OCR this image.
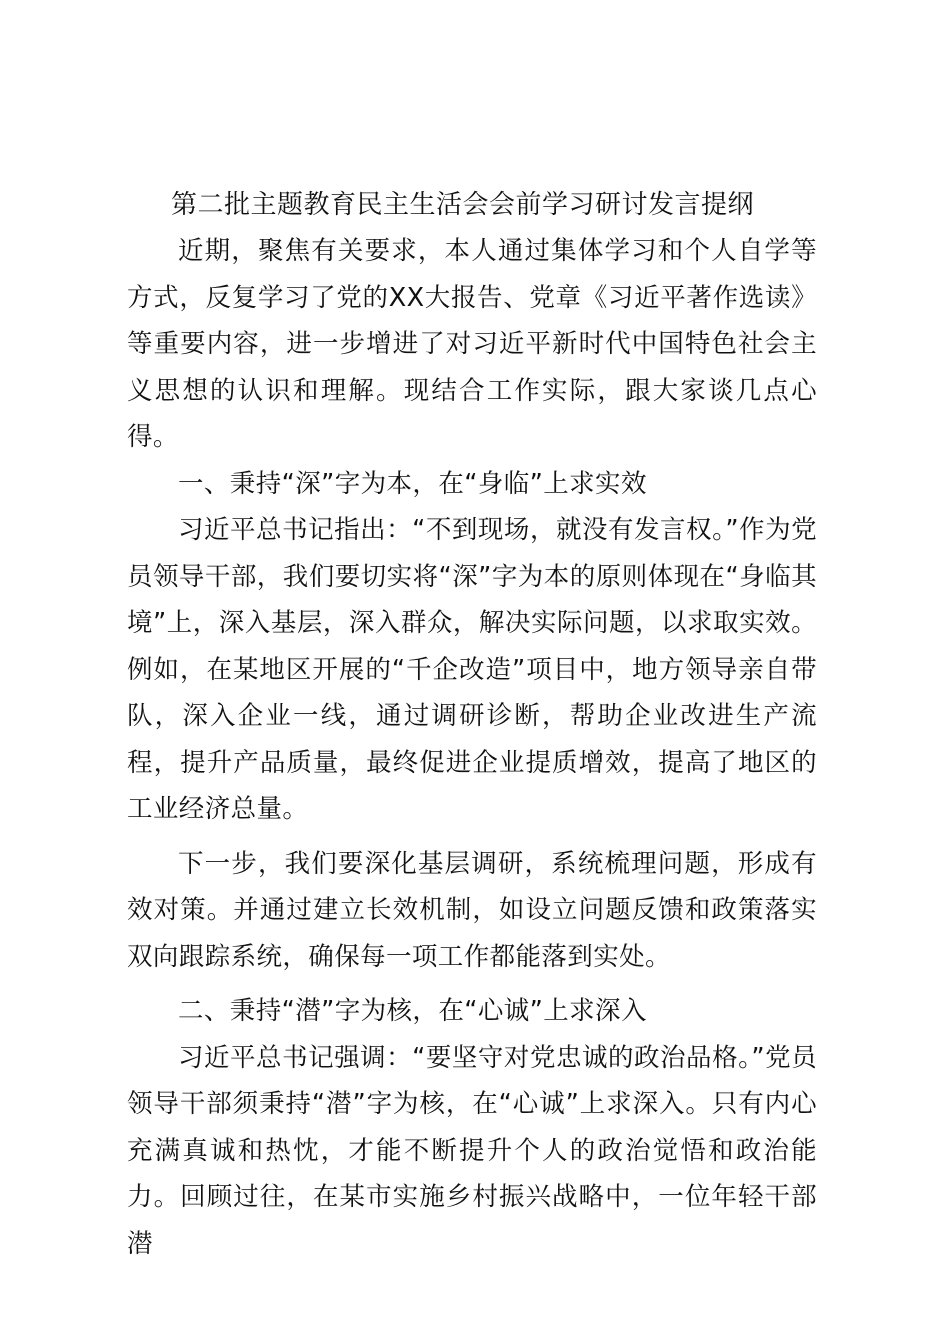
第二批主题教育民主生活会会前学习研讨发言提纲

近期，聚焦有关要求，本人通过集体学习和个人自学等方式，反复学习了党的XX大报告、党章《习近平著作选读》等重要内容，进一步增进了对习近平新时代中国特色社会主义思想的认识和理解。现结合工作实际，跟大家谈几点心得。

一、秉持“深”字为本，在“身临”上求实效

习近平总书记指出：“不到现场，就没有发言权。”作为党员领导干部，我们要切实将“深”字为本的原则体现在“身临其境”上，深入基层，深入群众，解决实际问题，以求取实效。例如，在某地区开展的“千企改造”项目中，地方领导亲自带队，深入企业一线，通过调研诊断，帮助企业改进生产流程，提升产品质量，最终促进企业提质增效，提高了地区的工业经济总量。

下一步，我们要深化基层调研，系统梳理问题，形成有效对策。并通过建立长效机制，如设立问题反馈和政策落实双向跟踪系统，确保每一项工作都能落到实处。

二、秉持“潜”字为核，在“心诚”上求深入

习近平总书记强调：“要坚守对党忠诚的政治品格。”党员领导干部须秉持“潜”字为核，在“心诚”上求深入。只有内心充满真诚和热忱，才能不断提升个人的政治觉悟和政治能力。回顾过往，在某市实施乡村振兴战略中，一位年轻干部潜
